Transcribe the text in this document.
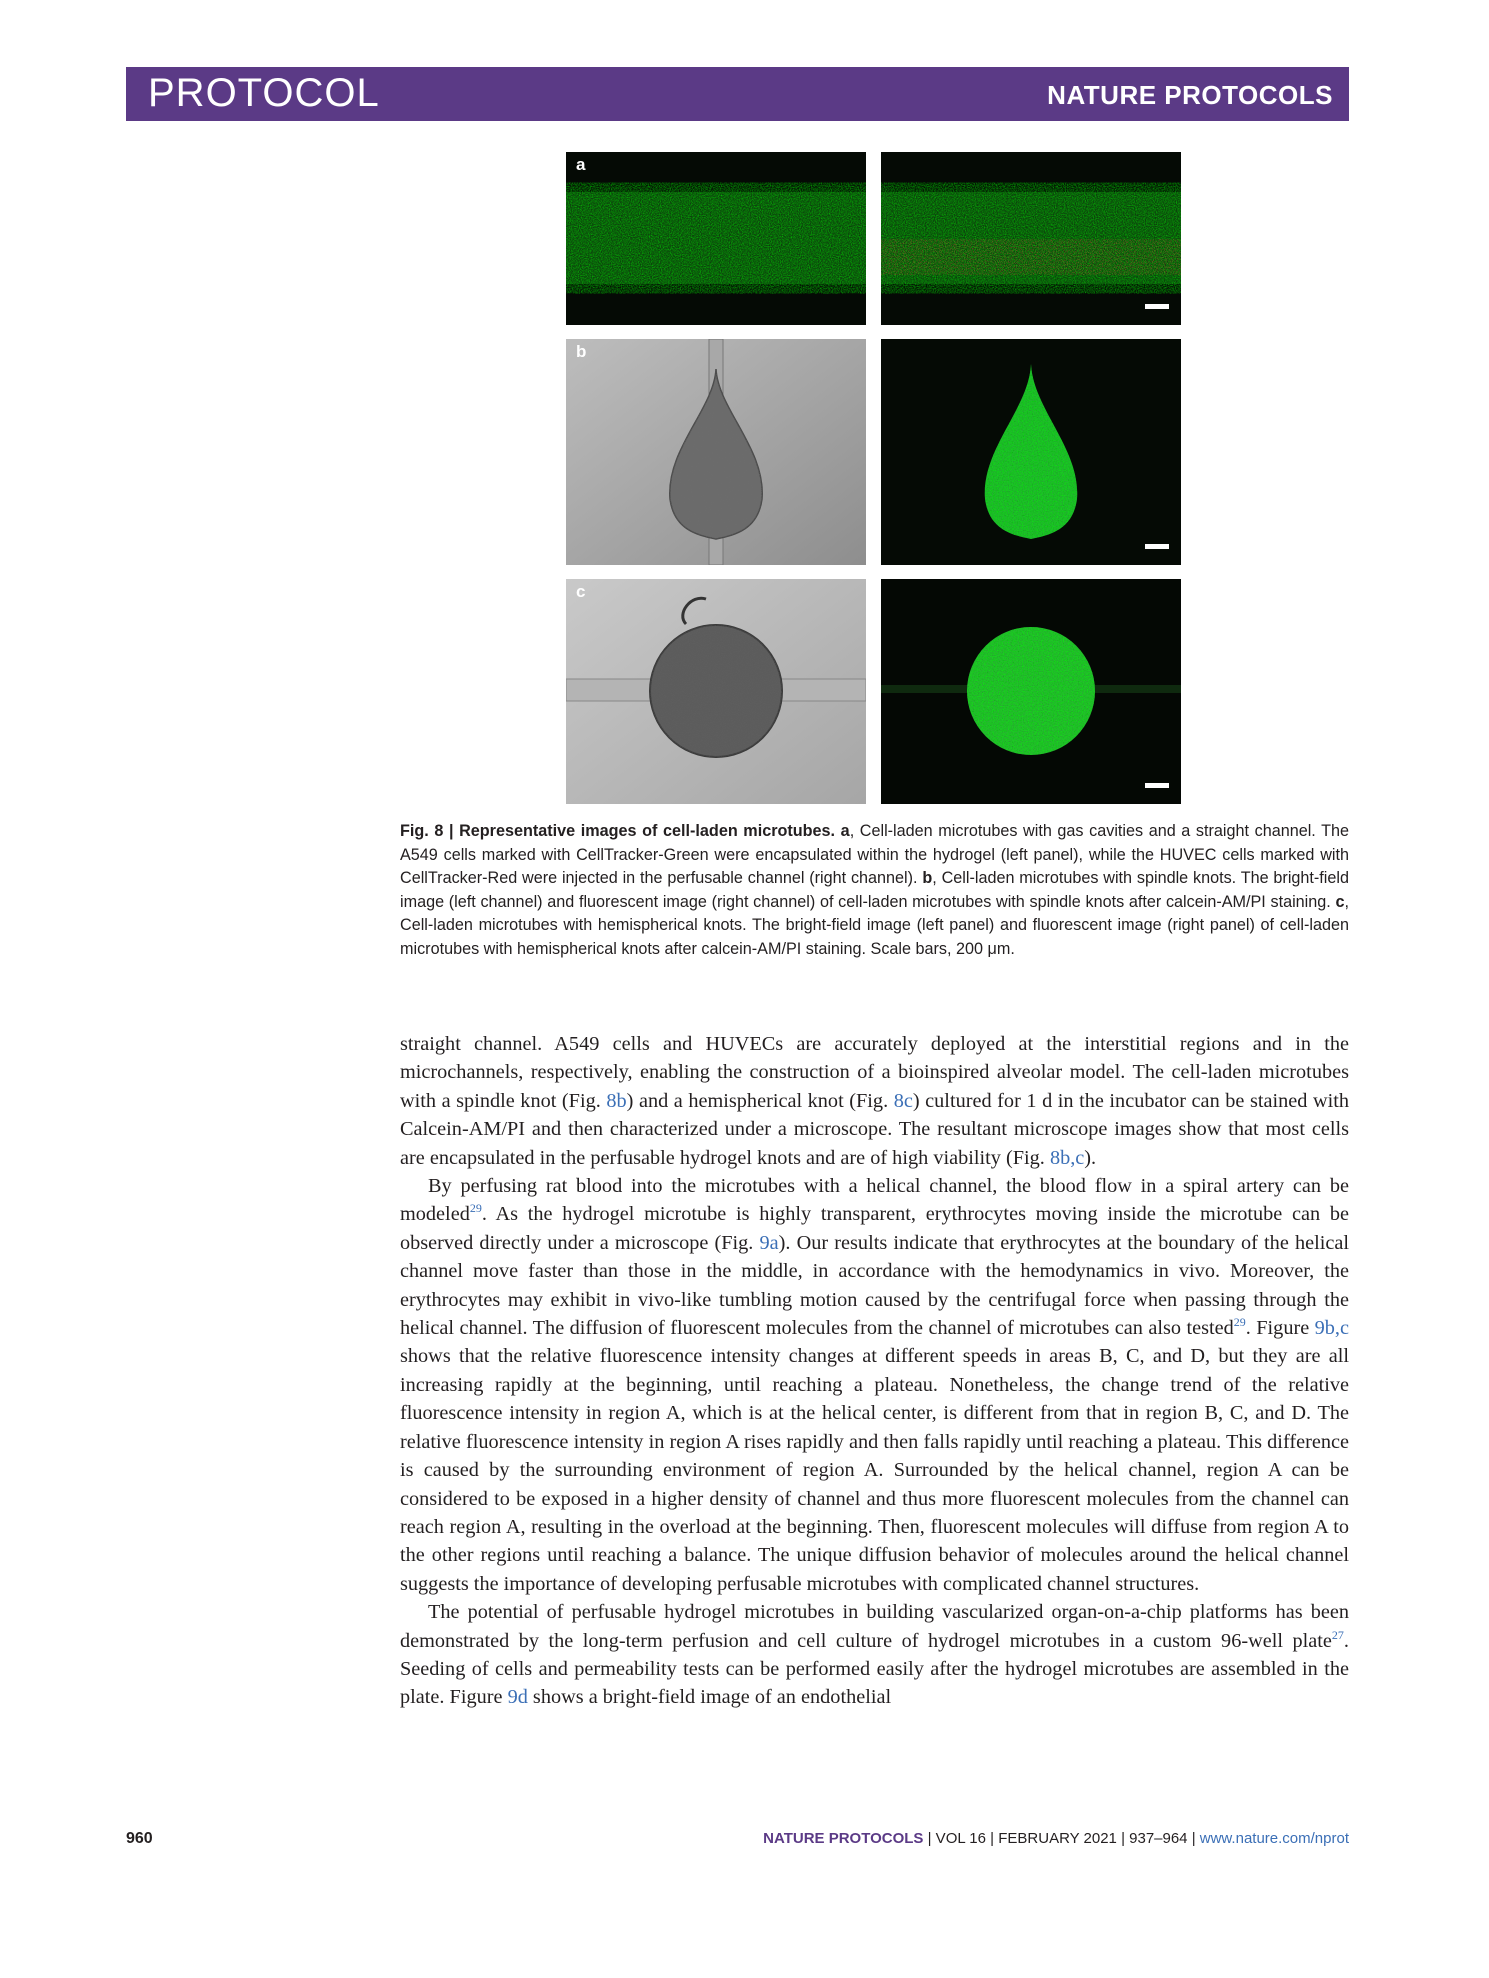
PROTOCOL	NATURE PROTOCOLS
a
b
c
Fig. 8 | Representative images of cell-laden microtubes. a, Cell-laden microtubes with gas cavities and a straight channel. The A549 cells marked with CellTracker-Green were encapsulated within the hydrogel (left panel), while the HUVEC cells marked with CellTracker-Red were injected in the perfusable channel (right channel). b, Cell-laden microtubes with spindle knots. The bright-field image (left channel) and fluorescent image (right channel) of cell-laden microtubes with spindle knots after calcein-AM/PI staining. c, Cell-laden microtubes with hemispherical knots. The bright-field image (left panel) and fluorescent image (right panel) of cell-laden microtubes with hemispherical knots after calcein-AM/PI staining. Scale bars, 200 μm.

straight channel. A549 cells and HUVECs are accurately deployed at the interstitial regions and in the microchannels, respectively, enabling the construction of a bioinspired alveolar model. The cell-laden microtubes with a spindle knot (Fig. 8b) and a hemispherical knot (Fig. 8c) cultured for 1 d in the incubator can be stained with Calcein-AM/PI and then characterized under a microscope. The resultant microscope images show that most cells are encapsulated in the perfusable hydrogel knots and are of high viability (Fig. 8b,c).

By perfusing rat blood into the microtubes with a helical channel, the blood flow in a spiral artery can be modeled$^{29}$. As the hydrogel microtube is highly transparent, erythrocytes moving inside the microtube can be observed directly under a microscope (Fig. 9a). Our results indicate that erythrocytes at the boundary of the helical channel move faster than those in the middle, in accordance with the hemodynamics in vivo. Moreover, the erythrocytes may exhibit in vivo-like tumbling motion caused by the centrifugal force when passing through the helical channel. The diffusion of fluorescent molecules from the channel of microtubes can also tested$^{29}$. Figure 9b,c shows that the relative fluorescence intensity changes at different speeds in areas B, C, and D, but they are all increasing rapidly at the beginning, until reaching a plateau. Nonetheless, the change trend of the relative fluorescence intensity in region A, which is at the helical center, is different from that in region B, C, and D. The relative fluorescence intensity in region A rises rapidly and then falls rapidly until reaching a plateau. This difference is caused by the surrounding environment of region A. Surrounded by the helical channel, region A can be considered to be exposed in a higher density of channel and thus more fluorescent molecules from the channel can reach region A, resulting in the overload at the beginning. Then, fluorescent molecules will diffuse from region A to the other regions until reaching a balance. The unique diffusion behavior of molecules around the helical channel suggests the importance of developing perfusable microtubes with complicated channel structures.

The potential of perfusable hydrogel microtubes in building vascularized organ-on-a-chip platforms has been demonstrated by the long-term perfusion and cell culture of hydrogel microtubes in a custom 96-well plate$^{27}$. Seeding of cells and permeability tests can be performed easily after the hydrogel microtubes are assembled in the plate. Figure 9d shows a bright-field image of an endothelial

960	NATURE PROTOCOLS | VOL 16 | FEBRUARY 2021 | 937–964 | www.nature.com/nprot
